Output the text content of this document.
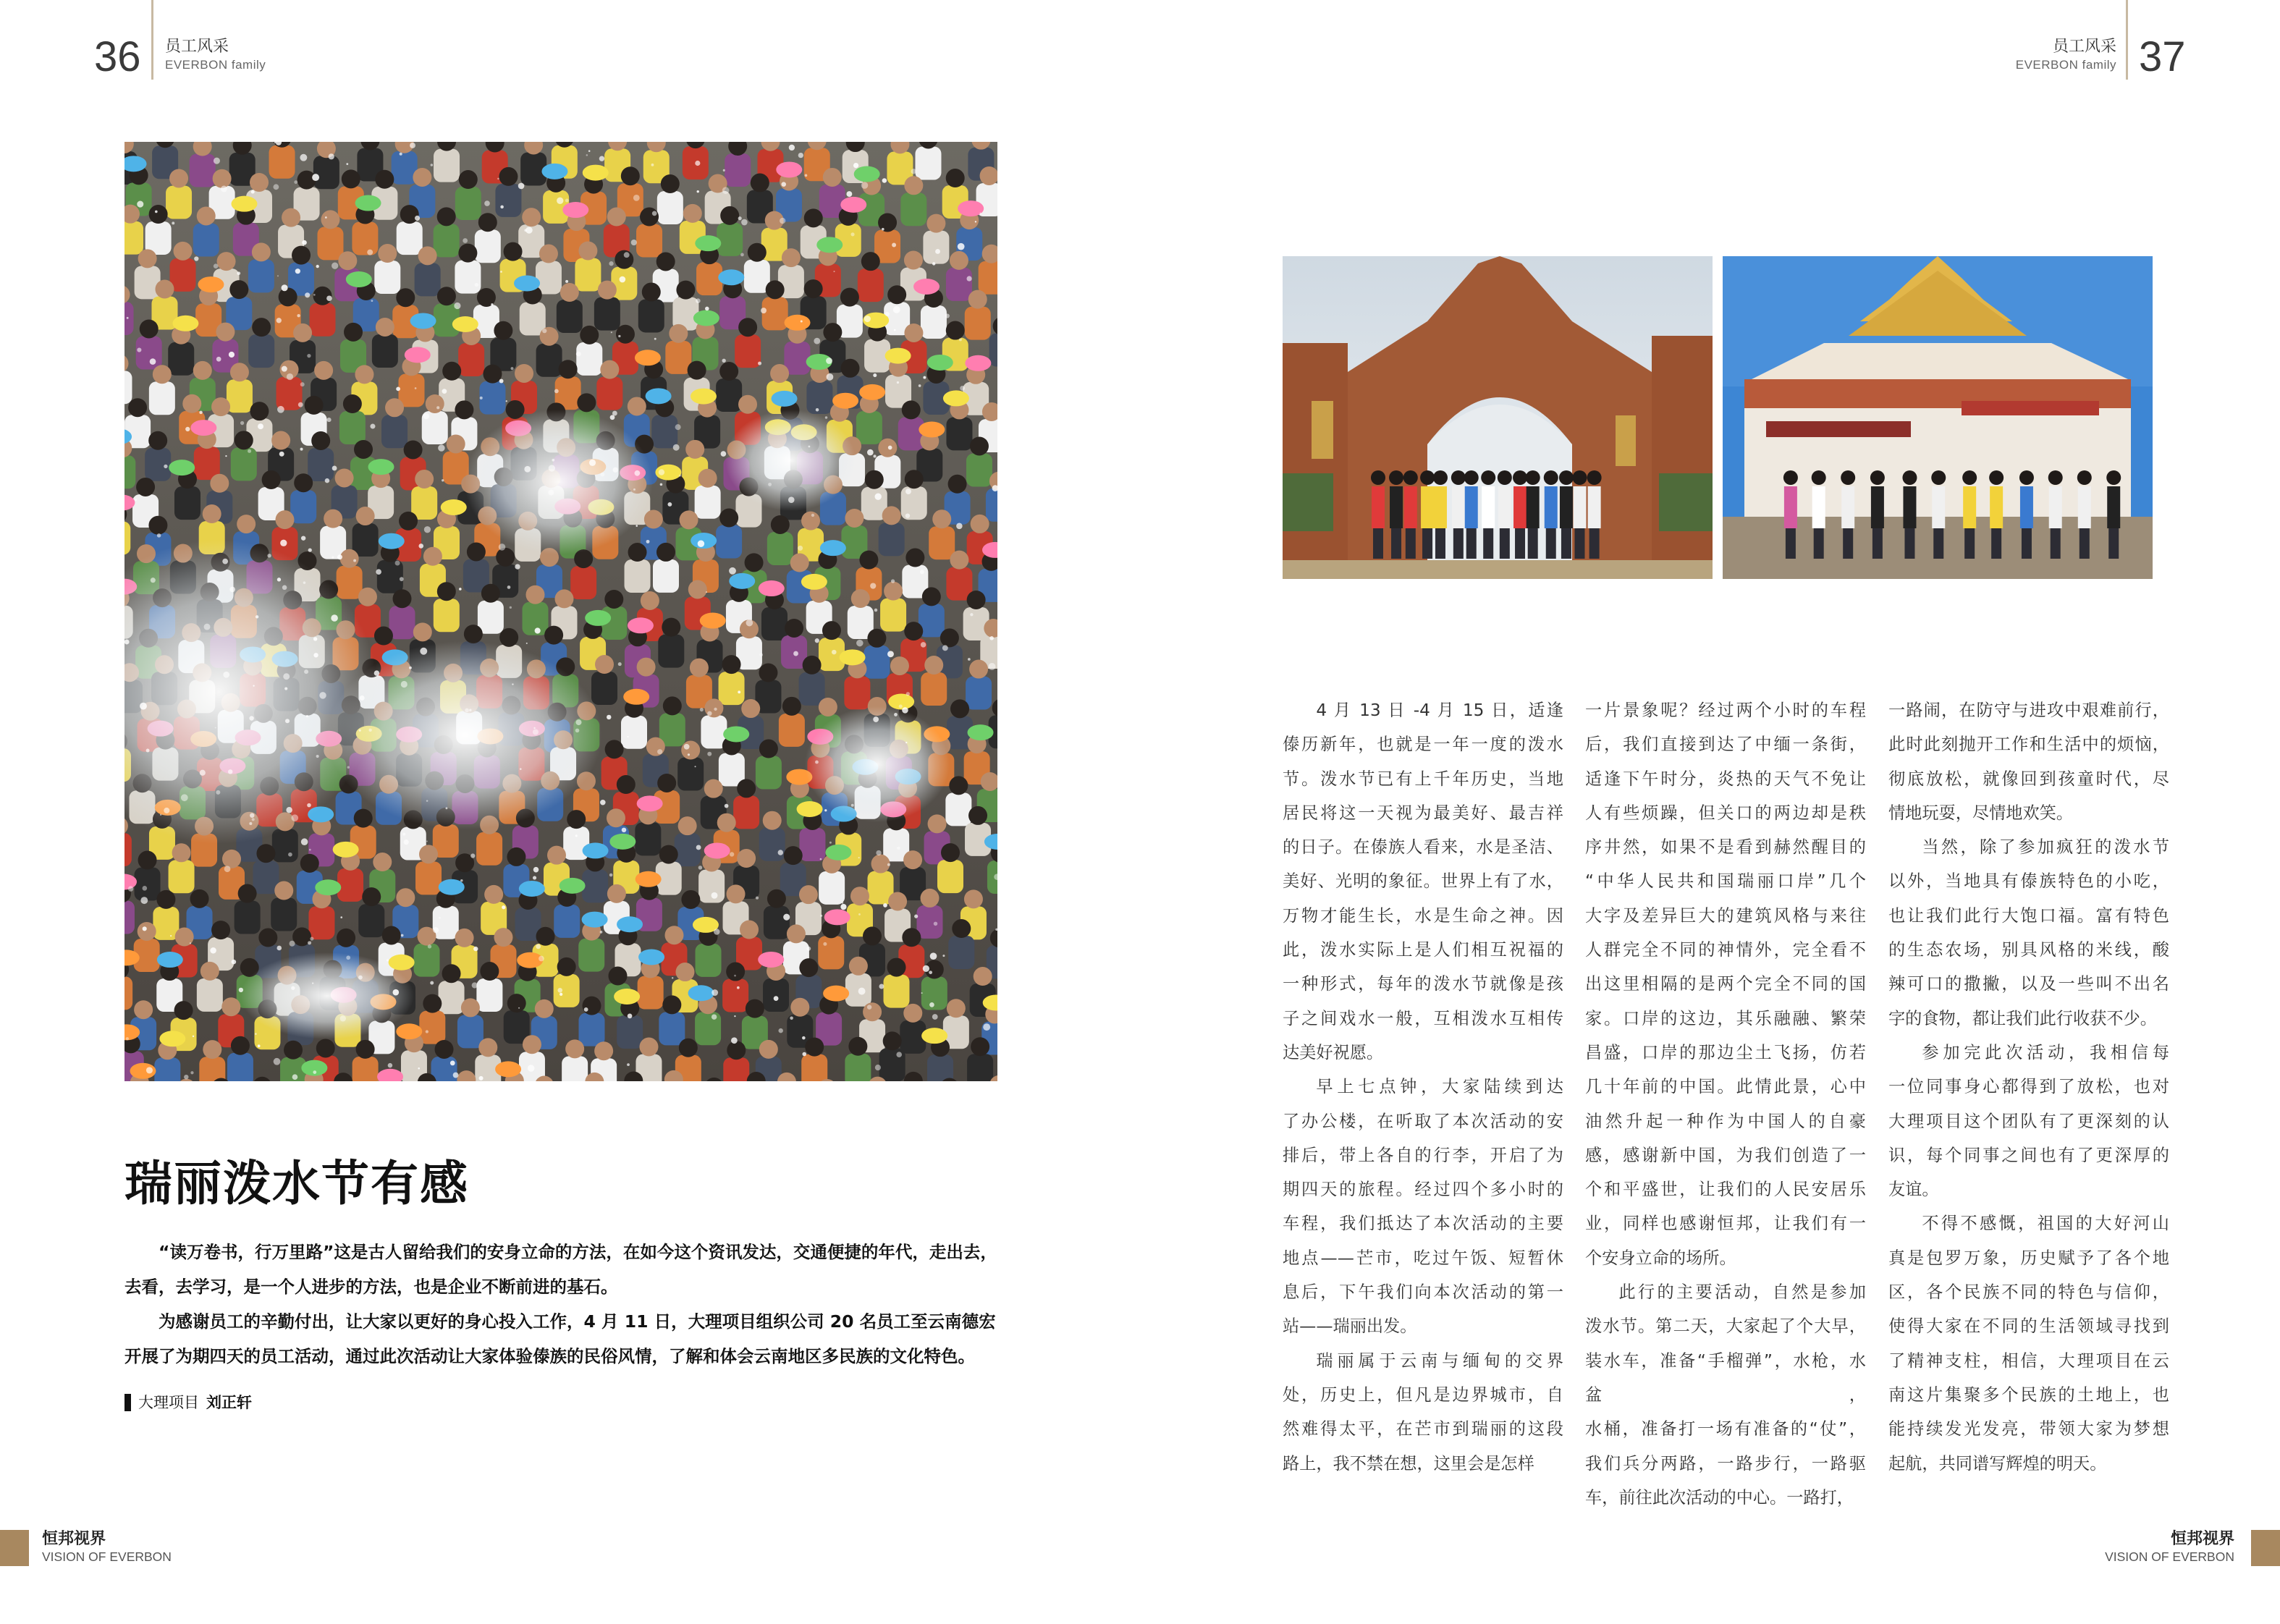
36 员工风采
EVERBON family
员工风采
EVERBON family 37
瑞丽泼水节有感

“读万卷书，行万里路”这是古人留给我们的安身立命的方法，在如今这个资讯发达，交通便捷的年代，走出去，去看，去学习，是一个人进步的方法，也是企业不断前进的基石。

为感谢员工的辛勤付出，让大家以更好的身心投入工作，4 月 11 日，大理项目组织公司 20 名员工至云南德宏开展了为期四天的员工活动，通过此次活动让大家体验傣族的民俗风情，了解和体会云南地区多民族的文化特色。

大理项目 刘正轩

4 月 13 日 -4 月 15 日，适逢

傣历新年，也就是一年一度的泼水

节。泼水节已有上千年历史，当地

居民将这一天视为最美好、最吉祥

的日子。在傣族人看来，水是圣洁、

美好、光明的象征。世界上有了水，

万物才能生长，水是生命之神。因

此，泼水实际上是人们相互祝福的

一种形式，每年的泼水节就像是孩

子之间戏水一般，互相泼水互相传

达美好祝愿。

早上七点钟，大家陆续到达

了办公楼，在听取了本次活动的安

排后，带上各自的行李，开启了为

期四天的旅程。经过四个多小时的

车程，我们抵达了本次活动的主要

地点——芒市，吃过午饭、短暂休

息后，下午我们向本次活动的第一

站——瑞丽出发。

瑞丽属于云南与缅甸的交界

处，历史上，但凡是边界城市，自

然难得太平，在芒市到瑞丽的这段

路上，我不禁在想，这里会是怎样

一片景象呢？经过两个小时的车程

后，我们直接到达了中缅一条街，

适逢下午时分，炎热的天气不免让

人有些烦躁，但关口的两边却是秩

序井然，如果不是看到赫然醒目的

“中华人民共和国瑞丽口岸”几个

大字及差异巨大的建筑风格与来往

人群完全不同的神情外，完全看不

出这里相隔的是两个完全不同的国

家。口岸的这边，其乐融融、繁荣

昌盛，口岸的那边尘土飞扬，仿若

几十年前的中国。此情此景，心中

油然升起一种作为中国人的自豪

感，感谢新中国，为我们创造了一

个和平盛世，让我们的人民安居乐

业，同样也感谢恒邦，让我们有一

个安身立命的场所。

此行的主要活动，自然是参加

泼水节。第二天，大家起了个大早，

装水车，准备“手榴弹”，水枪，水盆，

水桶，准备打一场有准备的“仗”，

我们兵分两路，一路步行，一路驱

车，前往此次活动的中心。一路打，

一路闹，在防守与进攻中艰难前行，

此时此刻抛开工作和生活中的烦恼，

彻底放松，就像回到孩童时代，尽

情地玩耍，尽情地欢笑。

当然，除了参加疯狂的泼水节

以外，当地具有傣族特色的小吃，

也让我们此行大饱口福。富有特色

的生态农场，别具风格的米线，酸

辣可口的撒撇，以及一些叫不出名

字的食物，都让我们此行收获不少。

参加完此次活动，我相信每

一位同事身心都得到了放松，也对

大理项目这个团队有了更深刻的认

识，每个同事之间也有了更深厚的

友谊。

不得不感慨，祖国的大好河山

真是包罗万象，历史赋予了各个地

区，各个民族不同的特色与信仰，

使得大家在不同的生活领域寻找到

了精神支柱，相信，大理项目在云

南这片集聚多个民族的土地上，也

能持续发光发亮，带领大家为梦想

起航，共同谱写辉煌的明天。

恒邦视界
VISION OF EVERBON
恒邦视界
VISION OF EVERBON
